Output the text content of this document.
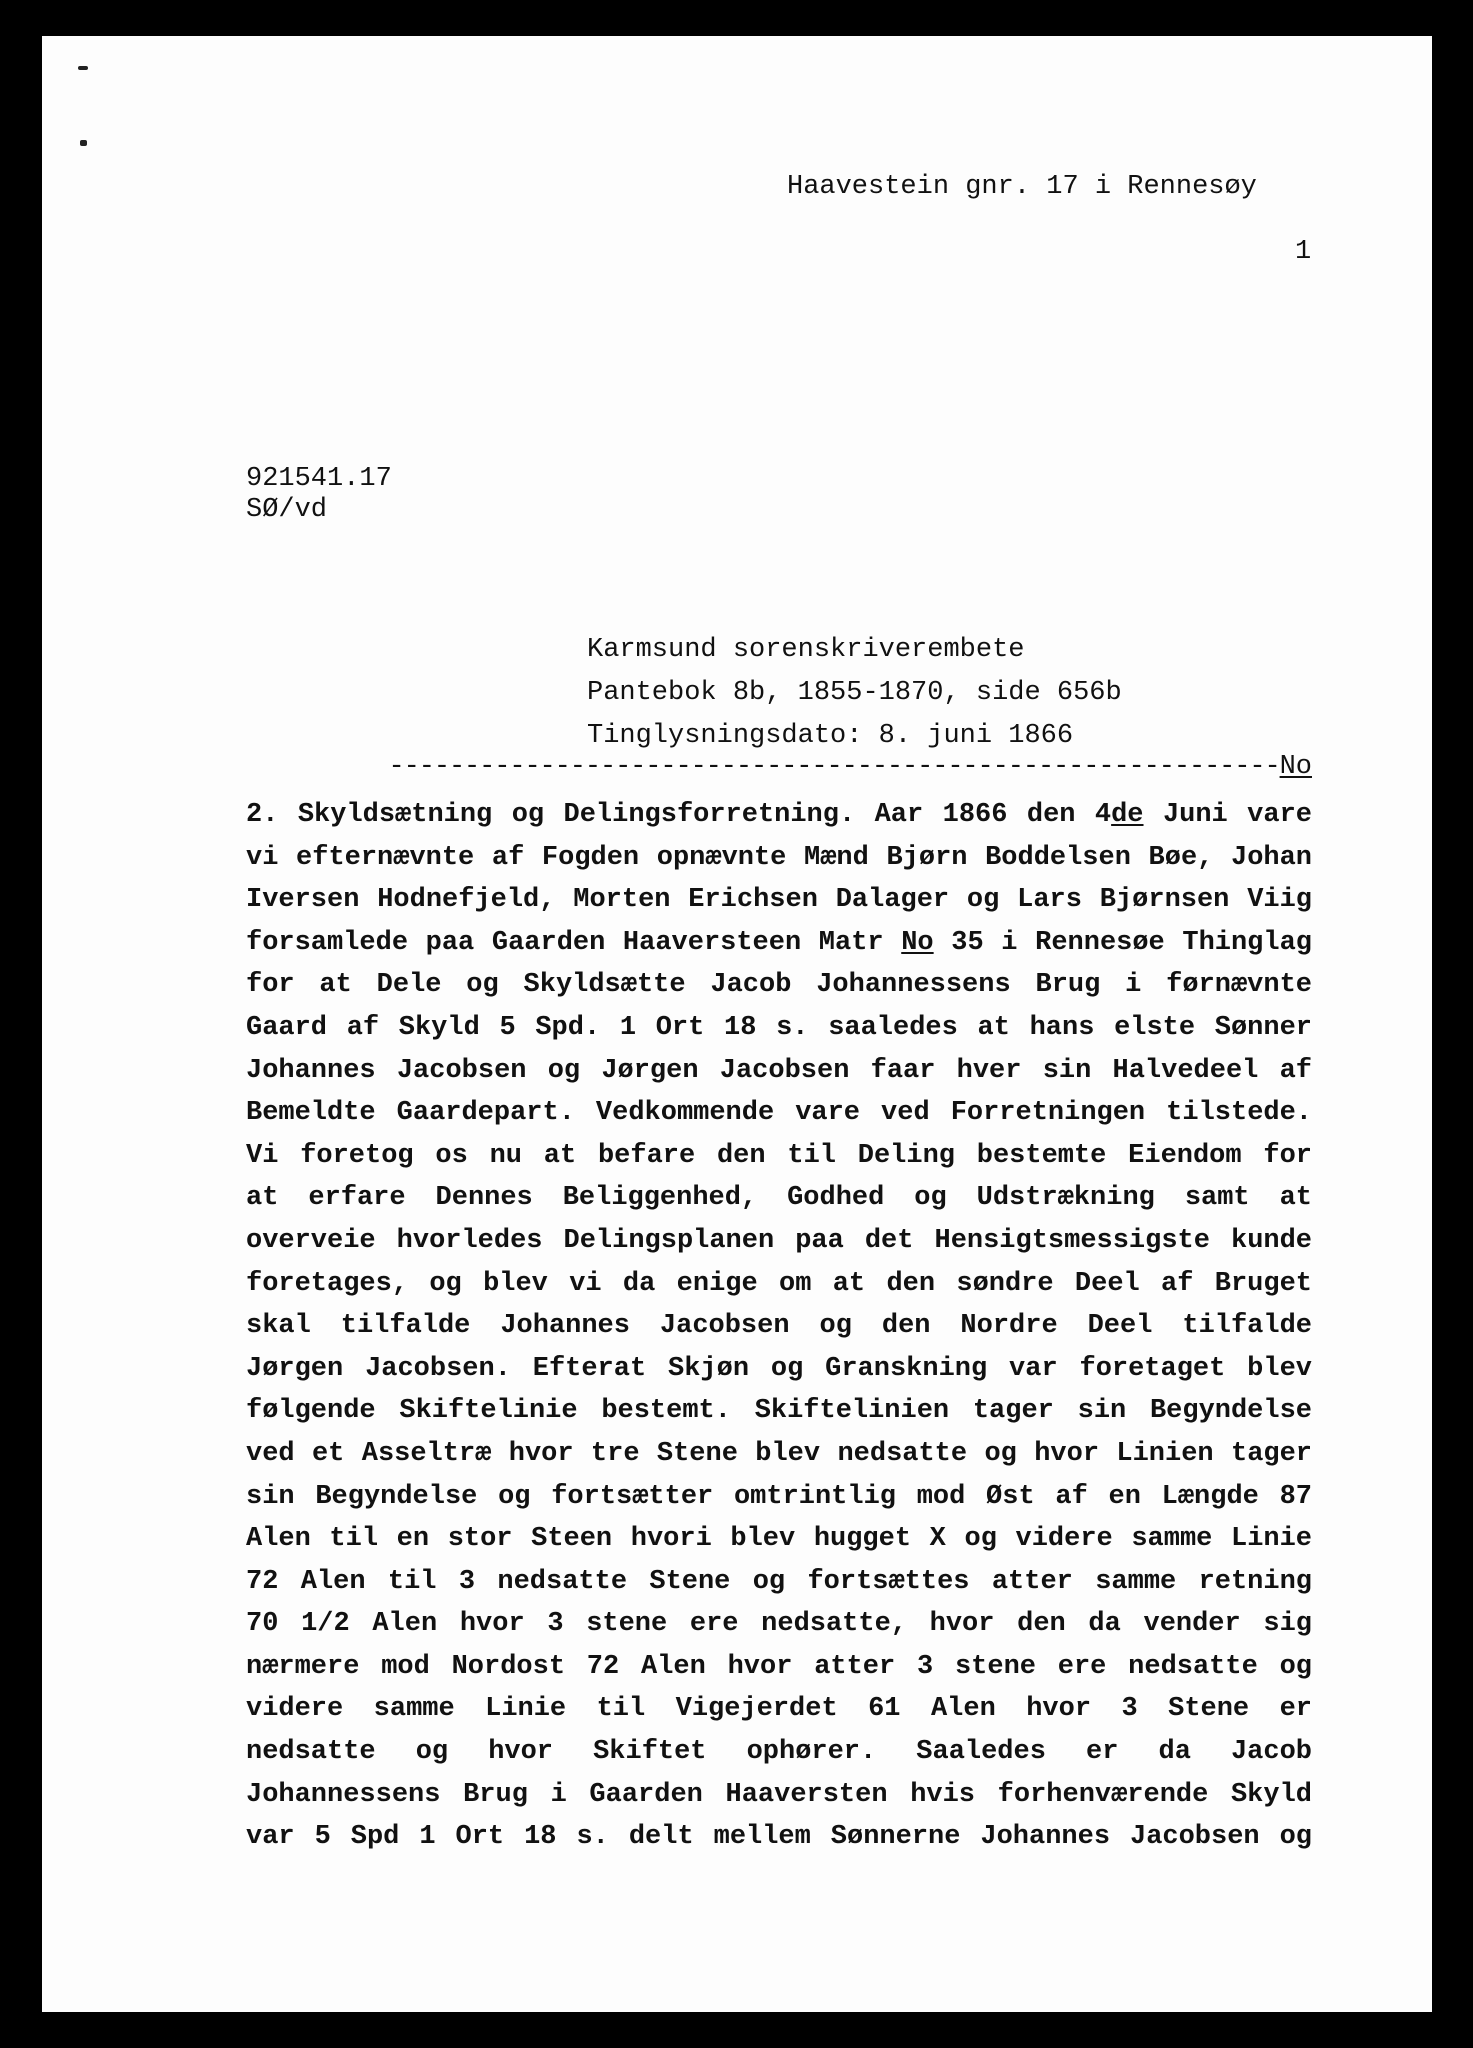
Haavestein gnr. 17 i Rennesøy
1
921541.17
SØ/vd
Karmsund sorenskriverembete
Pantebok 8b, 1855-1870, side 656b
Tinglysningsdato: 8. juni 1866
-----------------------------------------------------------No
2. Skyldsætning og Delingsforretning. Aar 1866 den 4de Juni vare
vi efternævnte af Fogden opnævnte Mænd Bjørn Boddelsen Bøe, Johan
Iversen Hodnefjeld, Morten Erichsen Dalager og Lars Bjørnsen Viig
forsamlede paa Gaarden Haaversteen Matr No 35 i Rennesøe Thinglag
for at Dele og Skyldsætte Jacob Johannessens Brug i førnævnte
Gaard af Skyld 5 Spd. 1 Ort 18 s. saaledes at hans elste Sønner
Johannes Jacobsen og Jørgen Jacobsen faar hver sin Halvedeel af
Bemeldte Gaardepart. Vedkommende vare ved Forretningen tilstede.
Vi foretog os nu at befare den til Deling bestemte Eiendom for
at erfare Dennes Beliggenhed, Godhed og Udstrækning samt at
overveie hvorledes Delingsplanen paa det Hensigtsmessigste kunde
foretages, og blev vi da enige om at den søndre Deel af Bruget
skal tilfalde Johannes Jacobsen og den Nordre Deel tilfalde
Jørgen Jacobsen. Efterat Skjøn og Granskning var foretaget blev
følgende Skiftelinie bestemt. Skiftelinien tager sin Begyndelse
ved et Asseltræ hvor tre Stene blev nedsatte og hvor Linien tager
sin Begyndelse og fortsætter omtrintlig mod Øst af en Længde 87
Alen til en stor Steen hvori blev hugget X og videre samme Linie
72 Alen til 3 nedsatte Stene og fortsættes atter samme retning
70 1/2 Alen hvor 3 stene ere nedsatte, hvor den da vender sig
nærmere mod Nordost 72 Alen hvor atter 3 stene ere nedsatte og
videre samme Linie til Vigejerdet 61 Alen hvor 3 Stene er
nedsatte og hvor Skiftet ophører. Saaledes er da Jacob
Johannessens Brug i Gaarden Haaversten hvis forhenværende Skyld
var 5 Spd 1 Ort 18 s. delt mellem Sønnerne Johannes Jacobsen og
